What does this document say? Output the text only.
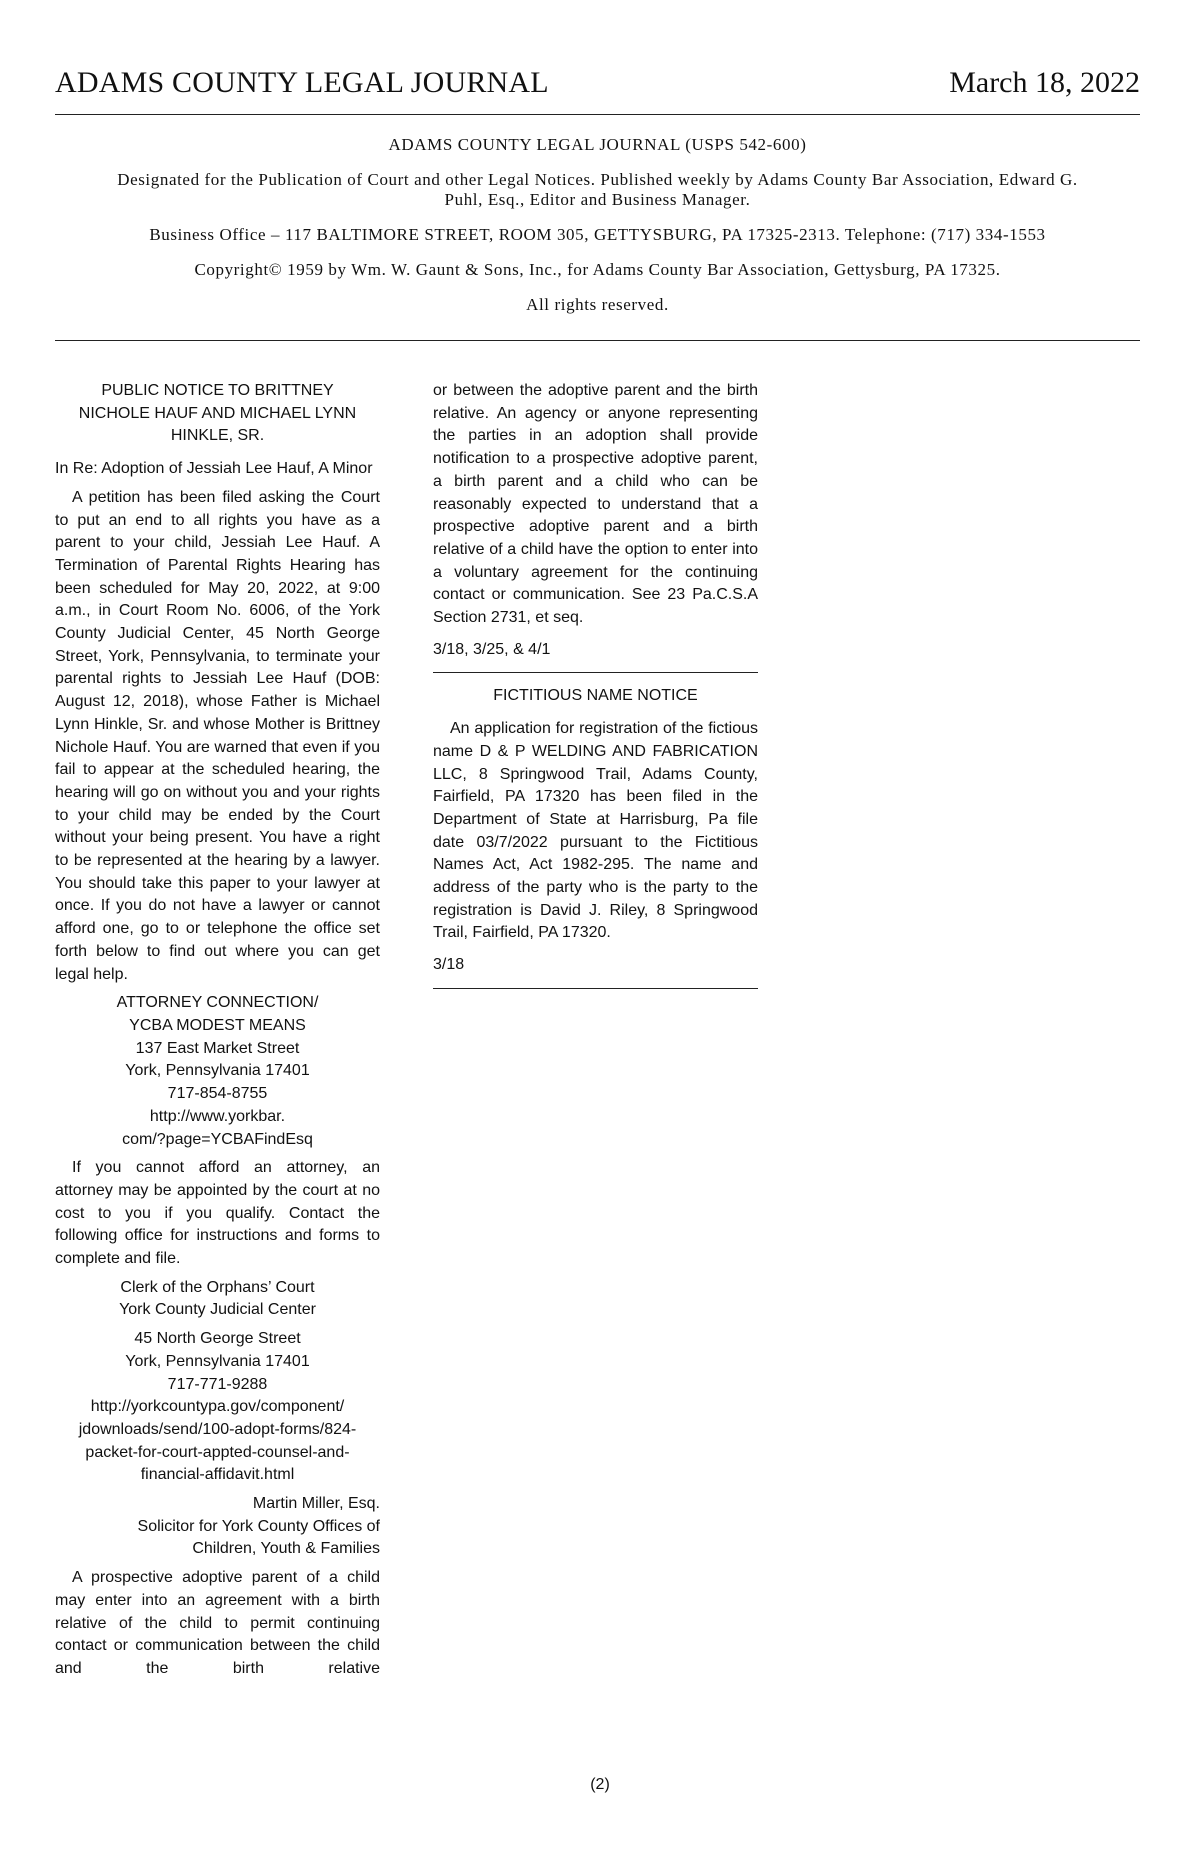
ADAMS COUNTY LEGAL JOURNAL	March 18, 2022

ADAMS COUNTY LEGAL JOURNAL (USPS 542-600)

Designated for the Publication of Court and other Legal Notices. Published weekly by Adams County Bar Association, Edward G. Puhl, Esq., Editor and Business Manager.

Business Office – 117 BALTIMORE STREET, ROOM 305, GETTYSBURG, PA 17325-2313. Telephone: (717) 334-1553

Copyright© 1959 by Wm. W. Gaunt & Sons, Inc., for Adams County Bar Association, Gettysburg, PA 17325.

All rights reserved.

PUBLIC NOTICE TO BRITTNEY NICHOLE HAUF AND MICHAEL LYNN HINKLE, SR.

In Re: Adoption of Jessiah Lee Hauf, A Minor

A petition has been filed asking the Court to put an end to all rights you have as a parent to your child, Jessiah Lee Hauf. A Termination of Parental Rights Hearing has been scheduled for May 20, 2022, at 9:00 a.m., in Court Room No. 6006, of the York County Judicial Center, 45 North George Street, York, Pennsylvania, to terminate your parental rights to Jessiah Lee Hauf (DOB: August 12, 2018), whose Father is Michael Lynn Hinkle, Sr. and whose Mother is Brittney Nichole Hauf. You are warned that even if you fail to appear at the scheduled hearing, the hearing will go on without you and your rights to your child may be ended by the Court without your being present. You have a right to be represented at the hearing by a lawyer. You should take this paper to your lawyer at once. If you do not have a lawyer or cannot afford one, go to or telephone the office set forth below to find out where you can get legal help.

ATTORNEY CONNECTION/

YCBA MODEST MEANS

137 East Market Street

York, Pennsylvania 17401

717-854-8755

http://www.yorkbar.

com/?page=YCBAFindEsq

If you cannot afford an attorney, an attorney may be appointed by the court at no cost to you if you qualify. Contact the following office for instructions and forms to complete and file.

Clerk of the Orphans’ Court

York County Judicial Center

45 North George Street

York, Pennsylvania 17401

717-771-9288

http://yorkcountypa.gov/component/

jdownloads/send/100-adopt-forms/824-

packet-for-court-appted-counsel-and-

financial-affidavit.html

Martin Miller, Esq.

Solicitor for York County Offices of

Children, Youth & Families

A prospective adoptive parent of a child may enter into an agreement with a birth relative of the child to permit continuing contact or communication between the child and the birth relative

or between the adoptive parent and the birth relative. An agency or anyone representing the parties in an adoption shall provide notification to a prospective adoptive parent, a birth parent and a child who can be reasonably expected to understand that a prospective adoptive parent and a birth relative of a child have the option to enter into a voluntary agreement for the continuing contact or communication. See 23 Pa.C.S.A Section 2731, et seq.

3/18, 3/25, & 4/1

FICTITIOUS NAME NOTICE

An application for registration of the fictious name D & P WELDING AND FABRICATION LLC, 8 Springwood Trail, Adams County, Fairfield, PA 17320 has been filed in the Department of State at Harrisburg, Pa file date 03/7/2022 pursuant to the Fictitious Names Act, Act 1982-295. The name and address of the party who is the party to the registration is David J. Riley, 8 Springwood Trail, Fairfield, PA 17320.

3/18

(2)
